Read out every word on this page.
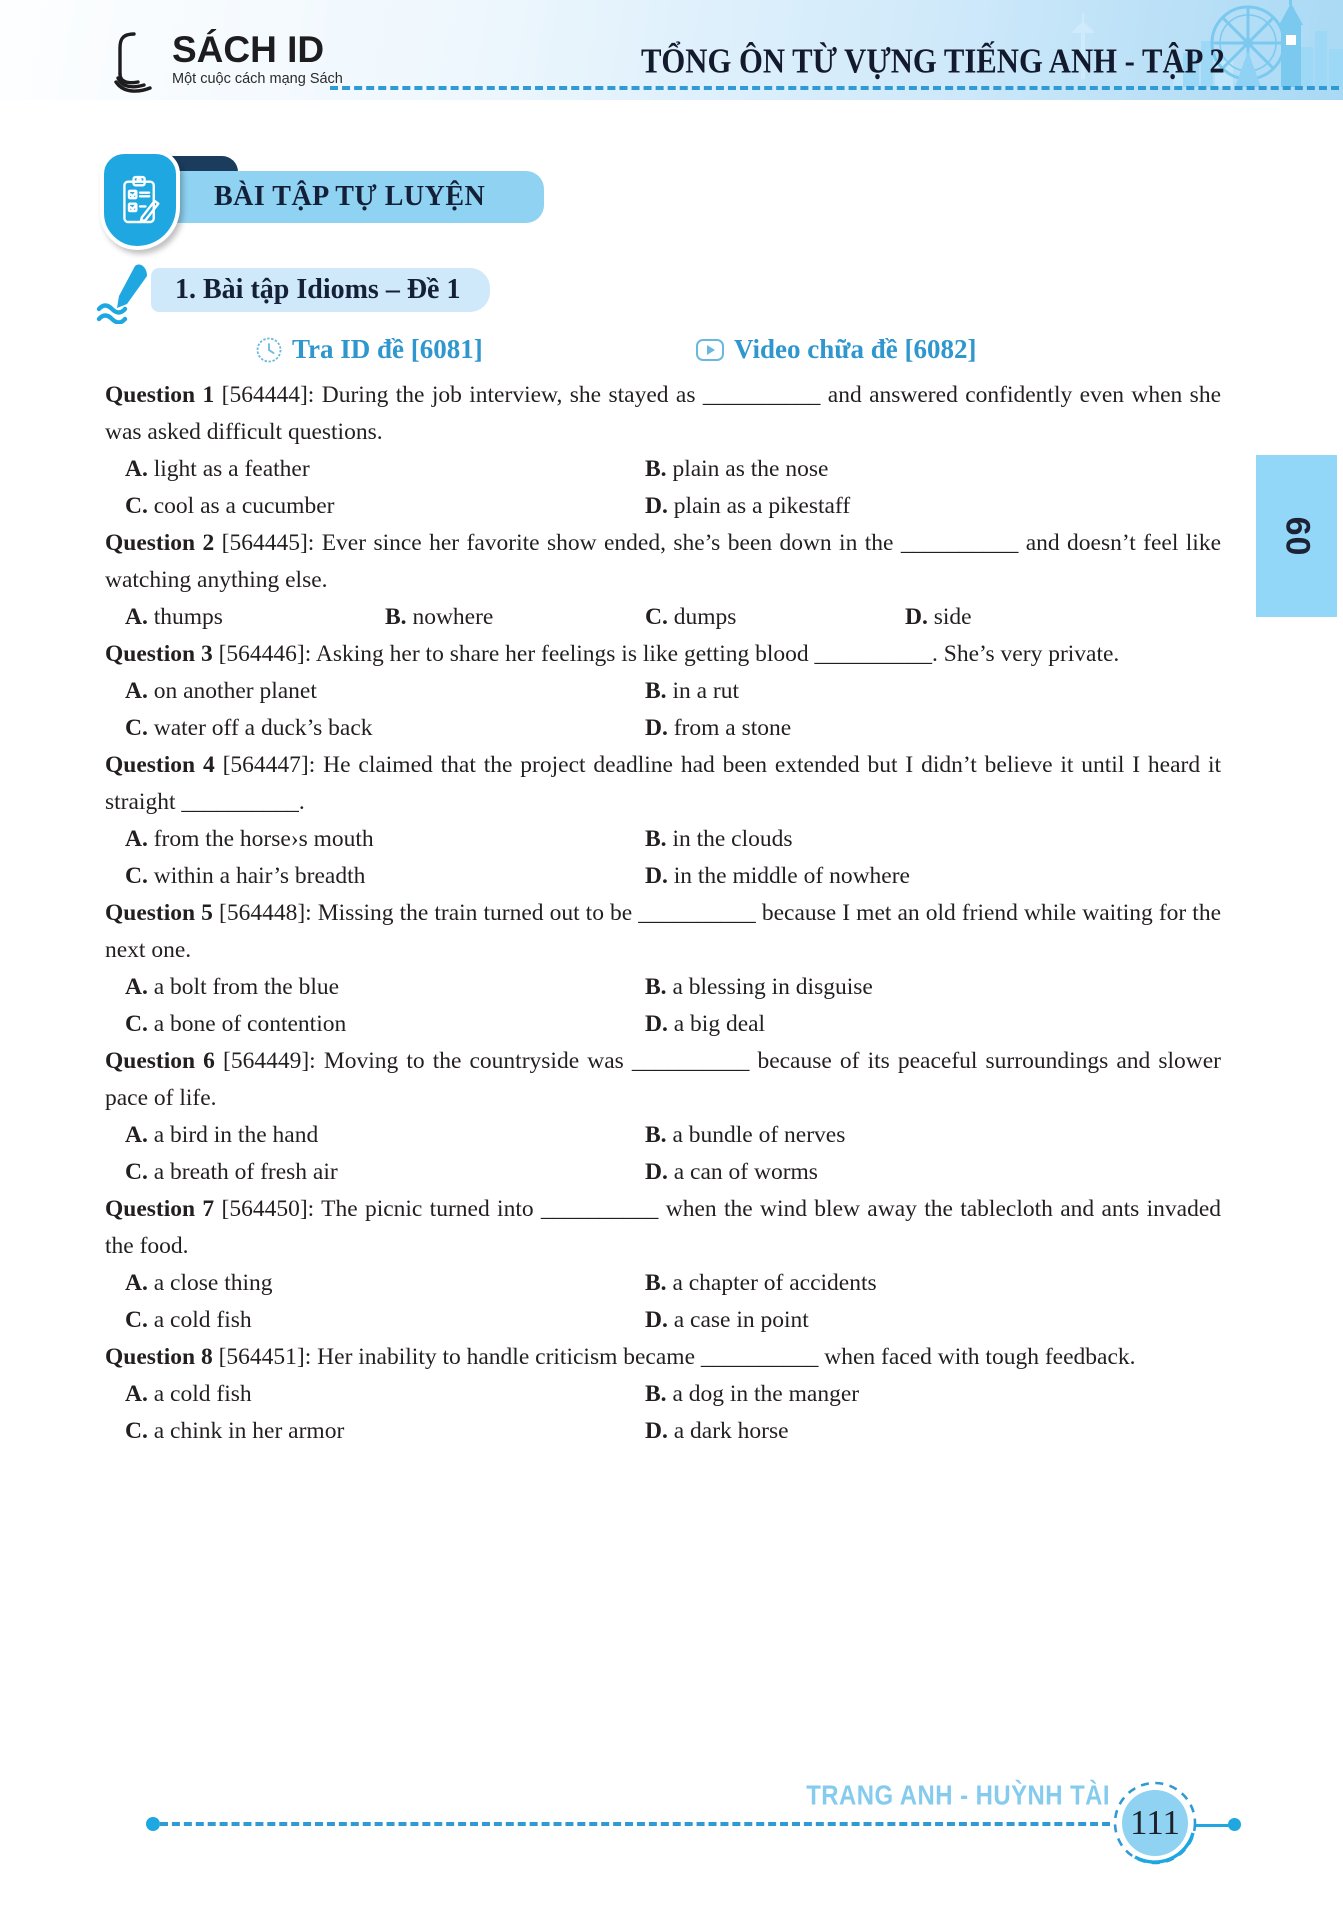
SÁCH ID
Một cuộc cách mạng Sách	TỔNG ÔN TỪ VỰNG TIẾNG ANH - TẬP 2
BÀI TẬP TỰ LUYỆN
1. Bài tập Idioms – Đề 1
Tra ID đề [6081]	Video chữa đề [6082]

Question 1 [564444]: During the job interview, she stayed as __________ and answered confidently even when she was asked difficult questions.

A. light as a feather	B. plain as the nose
C. cool as a cucumber	D. plain as a pikestaff

Question 2 [564445]: Ever since her favorite show ended, she’s been down in the __________ and doesn’t feel like watching anything else.

A. thumps	B. nowhere	C. dumps	D. side

Question 3 [564446]: Asking her to share her feelings is like getting blood __________. She’s very private.

A. on another planet	B. in a rut
C. water off a duck’s back	D. from a stone

Question 4 [564447]: He claimed that the project deadline had been extended but I didn’t believe it until I heard it straight __________.

A. from the horse›s mouth	B. in the clouds
C. within a hair’s breadth	D. in the middle of nowhere

Question 5 [564448]: Missing the train turned out to be __________ because I met an old friend while waiting for the next one.

A. a bolt from the blue	B. a blessing in disguise
C. a bone of contention	D. a big deal

Question 6 [564449]: Moving to the countryside was __________ because of its peaceful surroundings and slower pace of life.

A. a bird in the hand	B. a bundle of nerves
C. a breath of fresh air	D. a can of worms

Question 7 [564450]: The picnic turned into __________ when the wind blew away the tablecloth and ants invaded the food.

A. a close thing	B. a chapter of accidents
C. a cold fish	D. a case in point

Question 8 [564451]: Her inability to handle criticism became __________ when faced with tough feedback.

A. a cold fish	B. a dog in the manger
C. a chink in her armor	D. a dark horse
60
TRANG ANH - HUỲNH TÀI
111
